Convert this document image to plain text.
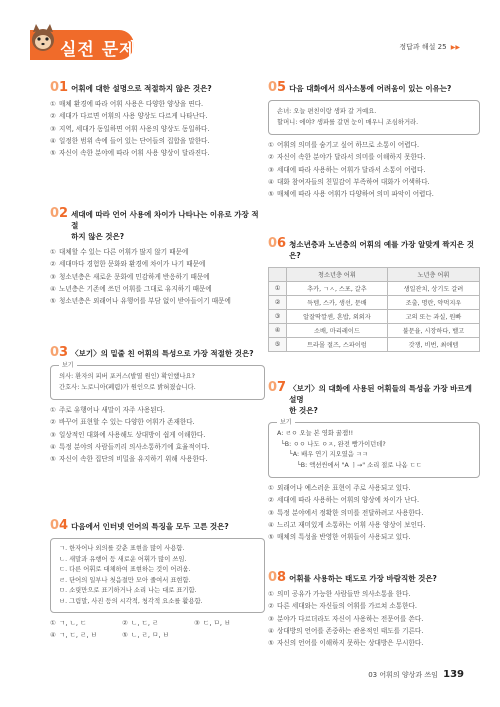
실전 문제	정답과 해설 25 ▶▶
01 어휘에 대한 설명으로 적절하지 않은 것은?
① 매체 환경에 따라 어휘 사용은 다양한 양상을 띤다.
② 세대가 다르면 어휘의 사용 양상도 다르게 나타난다.
③ 지역, 세대가 동일하면 어휘 사용의 양상도 동일하다.
④ 일정한 범위 속에 들어 있는 단어들의 집합을 말한다.
⑤ 자신이 속한 분야에 따라 어휘 사용 양상이 달라진다.
02 세대에 따라 언어 사용에 차이가 나타나는 이유로 가장 적절
하지 않은 것은?
① 대체할 수 있는 다른 어휘가 많지 않기 때문에
② 세대마다 경험한 문화와 환경에 차이가 나기 때문에
③ 청소년층은 새로운 문화에 민감하게 반응하기 때문에
④ 노년층은 기존에 쓰던 어휘를 그대로 유지하기 때문에
⑤ 청소년층은 외래어나 유행어를 부담 없이 받아들이기 때문에
03 〈보기〉의 밑줄 친 어휘의 특성으로 가장 적절한 것은?
보기
의사: 환자의 피버 포커스(발열 원인) 확인했나요?
간호사: 노로니아(폐렴)가 원인으로 밝혀졌습니다.
① 주로 유행어나 새말이 자주 사용된다.
② 바꾸어 표현할 수 있는 다양한 어휘가 존재한다.
③ 일상적인 대화에 사용해도 상대방이 쉽게 이해한다.
④ 특정 분야의 사람들끼리 의사소통하기에 효율적이다.
⑤ 자신이 속한 집단의 비밀을 유지하기 위해 사용한다.
04 다음에서 인터넷 언어의 특징을 모두 고른 것은?
ㄱ. 한자어나 외의를 갖춘 표현을 많이 사용함.
ㄴ. 새말과 유행어 등 새로운 어휘가 많이 쓰임.
ㄷ. 다른 어휘로 대체하여 표현하는 것이 어려움.
ㄹ. 단어의 일부나 첫음절만 모아 줄여서 표현함.
ㅁ. 소릿만으로 표기하거나 소리 나는 대로 표기함.
ㅂ. 그림말, 사진 등의 시각적, 청각적 요소를 활용함.
① ㄱ, ㄴ, ㄷ	② ㄴ, ㄷ, ㄹ	③ ㄷ, ㅁ, ㅂ
④ ㄱ, ㄷ, ㄹ, ㅂ	⑤ ㄴ, ㄹ, ㅁ, ㅂ
05 다음 대화에서 의사소통에 어려움이 있는 이유는?
손녀: 오늘 편친이랑 생파 갈 거예요.
할머니: 에야? 생파를 갈면 눈이 매우니 조심하거라.
① 어휘의 의미를 숨기고 싶어 하므로 소통이 어렵다.
② 자신이 속한 분야가 달라서 의미를 이해하지 못한다.
③ 세대에 따라 사용하는 어휘가 달라서 소통이 어렵다.
④ 대화 참여자들의 친밀감이 부족하여 대화가 어색하다.
⑤ 매체에 따라 사용 어휘가 다양하여 의미 파악이 어렵다.
06 청소년층과 노년층의 어휘의 예를 가장 알맞게 짝지은 것은?
	청소년층 어휘	노년층 어휘
①	추카, ㄱㅅ, 스포, 갈추	생일잔치, 상기도 갈려
②	득템, 스카, 생선, 문배	조출, 명란, 약먹지우
③	알잘딱깔센, 혼밥, 외외자	고의 또는 과실, 원빠
④	소배, 마리레이드	불문율, 시장하다, 벨고
⑤	트라몰 절즈, 스파이럼	갓쟁, 비번, 최애템
07 〈보기〉의 대화에 사용된 어휘들의 특성을 가장 바르게 설명
한 것은?
보기
A: ㄹㅇ 오늘 본 영화 꿀잼!!
└B: ㅇㅇ 나도 ㅇㅈ, 완전 빵가이던데?
└A: 배우 연기 지오였음 ㅋㅋ
└B: 액션씬에서 "A ㅣ→" 소리 절로 나옴 ㄷㄷ
① 외래어나 예스러운 표현이 주로 사용되고 있다.
② 세대에 따라 사용하는 어휘의 양상에 차이가 난다.
③ 특정 분야에서 정확한 의미를 전달하려고 사용한다.
④ 느리고 재미있게 소통하는 어휘 사용 양상이 보인다.
⑤ 매체의 특성을 반영한 어휘들이 사용되고 있다.
08 어휘를 사용하는 태도로 가장 바람직한 것은?
① 의미 공유가 가능한 사람들만 의사소통을 한다.
② 다른 세대와는 자신들의 어휘를 가르쳐 소통한다.
③ 분야가 다르더라도 자신이 사용하는 전문어를 쓴다.
④ 상대방의 언어를 존중하는 관용적인 태도를 기른다.
⑤ 자신의 언어를 이해하지 못하는 상대방은 무시한다.
03 어휘의 양상과 쓰임 139
